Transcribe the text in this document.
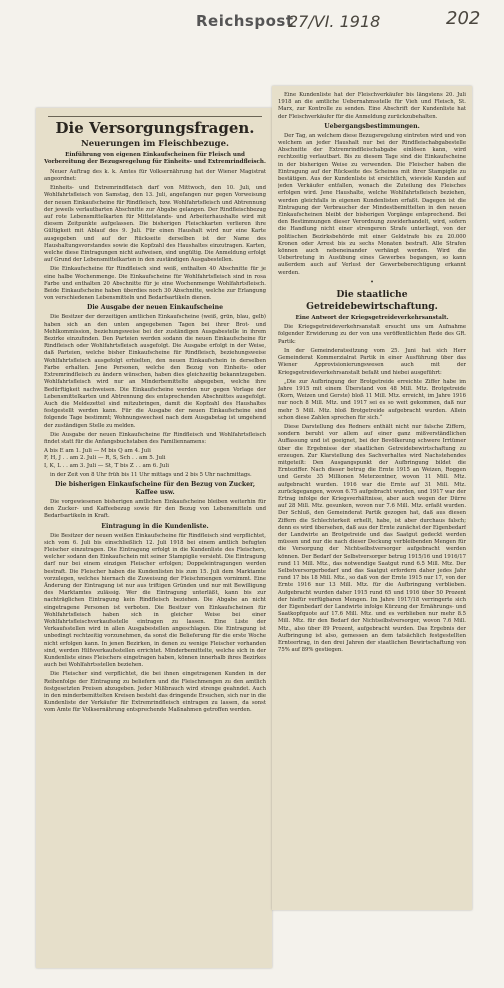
Reichspost
27/VI. 1918	202

Die Versorgungsfragen.

Neuerungen im Fleischbezuge.

Einführung von eigenen Einkaufscheinen für Fleisch und Vorbereitung der Bezugsregelung für Einheits- und Extremrindfleisch.

Neuer Auftrag des k. k. Amtes für Volksernährung hat der Wiener Magistrat angeordnet:

Einheits- und Extremrindfleisch darf von Mittwoch, den 10. Juli, und Wohlfahrtsfleisch von Samstag, den 13. Juli, angefangen nur gegen Vorweisung der neuen Einkaufscheine für Rindfleisch, bzw. Wohlfahrtsfleisch und Abtrennung der jeweils verlautbarten Abschnitte zur Abgabe gelangen. Der Rindfleischbezug auf rote Lebensmittelkarten für Mittelstands- und Arbeiterhaushalte wird mit diesem Zeitpunkte aufgelassen. Die bisherigen Fleischkarten verlieren ihre Gültigkeit mit Ablauf des 9. Juli. Für einen Haushalt wird nur eine Karte ausgegeben und auf der Rückseite derselben ist der Name des Haushaltungsvorstandes sowie die Kopfzahl des Haushaltes einzutragen. Karten, welche diese Eintragungen nicht aufweisen, sind ungültig. Die Anmeldung erfolgt auf Grund der Lebensmittelkarten in den zuständigen Ausgabestellen.

Die Einkaufscheine für Rindfleisch sind weiß, enthalten 40 Abschnitte für je eine halbe Wochenmenge. Die Einkaufscheine für Wohlfahrtsfleisch sind in rosa Farbe und enthalten 20 Abschnitte für je eine Wochenmenge Wohlfahrtsfleisch. Beide Einkaufscheine haben überdies noch 30 Abschnitte, welche zur Erlangung von verschiedenen Lebensmitteln und Bedarfsartikeln dienen.

Die Ausgabe der neuen Einkaufscheine

Die Besitzer der derzeitigen amtlichen Einkaufscheine (weiß, grün, blau, gelb) haben sich an den unten angegebenen Tagen bei ihrer Brot- und Mehlkommission, beziehungsweise bei der zuständigen Ausgabestelle in ihrem Bezirke einzufinden. Den Parteien werden sodann die neuen Einkaufscheine für Rindfleisch oder Wohlfahrtsfleisch ausgefolgt. Die Ausgabe erfolgt in der Weise, daß Parteien, welche bisher Einkaufscheine für Rindfleisch, beziehungsweise Wohlfahrtsfleisch ausgefolgt erhielten, den neuen Einkaufschein in derselben Farbe erhalten. Jene Personen, welche den Bezug von Einheits- oder Extremrindfleisch zu ändern wünschen, haben dies gleichzeitig bekanntzugeben. Wohlfahrtsfleisch wird nur an Minderbemittelte abgegeben, welche ihre Bedürftigkeit nachweisen. Die Einkaufscheine werden nur gegen Vorlage der Lebensmittelkarten und Abtrennung des entsprechenden Abschnittes ausgefolgt. Auch die Meldezettel sind mitzubringen, damit die Kopfzahl des Haushaltes festgestellt werden kann. Für die Ausgabe der neuen Einkaufscheine sind folgende Tage bestimmt; Wohnungswechsel nach dem Ausgabetag ist umgehend der zuständigen Stelle zu melden.

Die Ausgabe der neuen Einkaufscheine für Rindfleisch und Wohlfahrtsfleisch findet statt für die Anfangsbuchstaben des Familiennamens:

A bis E am 1. Juli — M bis Q am 4. Juli
F, H, J . . am 2. Juli — R, S, Sch . . am 5. Juli
I, K, L . . am 3. Juli — St, T bis Z . . am 6. Juli

in der Zeit von 8 Uhr früh bis 11 Uhr mittags und 2 bis 5 Uhr nachmittags.

Die bisherigen Einkaufscheine für den Bezug von Zucker, Kaffee usw.

Die vorgewiesenen bisherigen amtlichen Einkaufscheine bleiben weiterhin für den Zucker- und Kaffeebezug sowie für den Bezug von Lebensmitteln und Bedarfsartikeln in Kraft.

Eintragung in die Kundenliste.

Die Besitzer der neuen weißen Einkaufscheine für Rindfleisch sind verpflichtet, sich vom 6. Juli bis einschließlich 12. Juli 1918 bei einem amtlich befugten Fleischer einzutragen. Die Eintragung erfolgt in die Kundenliste des Fleischers, welcher sodann den Einkaufschein mit seiner Stampiglie versieht. Die Eintragung darf nur bei einem einzigen Fleischer erfolgen; Doppeleintragungen werden bestraft. Die Fleischer haben die Kundenlisten bis zum 15. Juli dem Marktamte vorzulegen, welches hiernach die Zuweisung der Fleischmengen vornimmt. Eine Änderung der Eintragung ist nur aus triftigen Gründen und nur mit Bewilligung des Marktamtes zulässig. Wer die Eintragung unterläßt, kann bis zur nachträglichen Eintragung kein Rindfleisch beziehen. Die Abgabe an nicht eingetragene Personen ist verboten. Die Besitzer von Einkaufscheinen für Wohlfahrtsfleisch haben sich in gleicher Weise bei einer Wohlfahrtsfleischverkaufsstelle eintragen zu lassen. Eine Liste der Verkaufsstellen wird in allen Ausgabestellen angeschlagen. Die Eintragung ist unbedingt rechtzeitig vorzunehmen, da sonst die Belieferung für die erste Woche nicht erfolgen kann. In jenen Bezirken, in denen zu wenige Fleischer vorhanden sind, werden Hilfsverkaufsstellen errichtet. Minderbemittelte, welche sich in der Kundenliste eines Fleischers eingetragen haben, können innerhalb ihres Bezirkes auch bei Wohlfahrtsstellen beziehen.

Die Fleischer sind verpflichtet, die bei ihnen eingetragenen Kunden in der Reihenfolge der Eintragung zu beliefern und die Fleischmengen zu den amtlich festgesetzten Preisen abzugeben. Jeder Mißbrauch wird strenge geahndet. Auch in den minderbemittelten Kreisen besteht das dringende Ersuchen, sich nur in die Kundenliste der Verkäufer für Extremrindfleisch eintragen zu lassen, da sonst vom Amte für Volksernährung entsprechende Maßnahmen getroffen werden.

Eine Kundenliste hat der Fleischverkäufer bis längstens 20. Juli 1918 an die amtliche Uebernahmsstelle für Vieh und Fleisch, St. Marx, zur Kontrolle zu senden. Eine Abschrift der Kundenliste hat der Fleischverkäufer für die Anmeldung zurückzubehalten.

Uebergangsbestimmungen.

Der Tag, an welchem diese Bezugsregelung eintreten wird und von welchem an jeder Haushalt nur bei der Rindfleischabgabestelle Abschnitte der Extremrindfleischabgabe einlösen kann, wird rechtzeitig verlautbart. Bis zu diesem Tage sind die Einkaufscheine in der bisherigen Weise zu verwenden. Die Fleischer haben die Eintragung auf der Rückseite des Scheines mit ihrer Stampiglie zu bestätigen. Aus der Kundenliste ist ersichtlich, wieviele Kunden auf jeden Verkäufer entfallen, wonach die Zuteilung des Fleisches erfolgen wird. Jene Haushalte, welche Wohlfahrtsfleisch beziehen, werden gleichfalls in eigenen Kundenlisten erfaßt. Dagegen ist die Eintragung der Verbraucher der Mindestbemittelten in den neuen Einkaufscheinen bleibt der bisherigen Vorgänge entsprechend. Bei den Bestimmungen dieser Verordnung zuwiderhandelt, wird, sofern die Handlung nicht einer strengeren Strafe unterliegt, von der politischen Bezirksbehörde mit einer Geldstrafe bis zu 20.000 Kronen oder Arrest bis zu sechs Monaten bestraft. Alle Strafen können auch nebeneinander verhängt werden. Wird die Uebertretung in Ausübung eines Gewerbes begangen, so kann außerdem auch auf Verlust der Gewerbeberechtigung erkannt werden.

•

Die staatliche Getreidebewirtschaftung.

Eine Antwort der Kriegsgetreideverkehrsanstalt.

Die Kriegsgetreideverkehrsanstalt ersucht uns um Aufnahme folgender Erwiderung zu der von uns veröffentlichten Rede des GR. Partik:

In der Gemeinderatssitzung vom 25. Juni hat sich Herr Gemeinderat Kommerzialrat Partik in einer Ausführung über das Wiener Approvisionierungswesen auch mit der Kriegsgetreideverkehrsanstalt befaßt und hiebei ausgeführt:

„Die zur Aufbringung der Brotgetreide erreichte Ziffer habe im Jahre 1915 mit einem Überstand von 48 Mill. Mtz. Brotgetreide (Korn, Weizen und Gerste) bloß 11 Mill. Mtz. erreicht, im Jahre 1916 nur noch 8 Mill. Mtz. und 1917 sei es so weit gekommen, daß nur mehr 5 Mill. Mtz. bloß Brotgetreide aufgebracht wurden. Allein schon diese Zahlen sprechen für sich.“

Diese Darstellung des Redners enthält nicht nur falsche Ziffern, sondern beruht vor allem auf einer ganz mißverständlichen Auffassung und ist geeignet, bei der Bevölkerung schwere Irrtümer über die Ergebnisse der staatlichen Getreidebewirtschaftung zu erzeugen. Zur Klarstellung des Sachverhaltes wird Nachstehendes mitgeteilt: Den Ausgangspunkt der Aufbringung bildet die Ernteziffer. Nach dieser betrug die Ernte 1915 an Weizen, Roggen und Gerste 35 Millionen Meterzentner, wovon 11 Mill. Mtz. aufgebracht wurden. 1916 war die Ernte auf 31 Mill. Mtz. zurückgegangen, wovon 6.75 aufgebracht wurden, und 1917 war der Ertrag infolge der Kriegsverhältnisse, aber auch wegen der Dürre auf 28 Mill. Mtz. gesunken, wovon nur 7.6 Mill. Mtz. erfaßt wurden. Der Schluß, den Gemeinderat Partik gezogen hat, daß aus diesen Ziffern die Schlechterkeit erhellt, habe, ist aber durchaus falsch; denn es wird übersehen, daß aus der Ernte zunächst der Eigenbedarf der Landwirte an Brotgetreide und das Saatgut gedeckt werden müssen und nur die nach dieser Deckung verbleibenden Mengen für die Versorgung der Nichtselbstversorger aufgebracht werden können. Der Bedarf der Selbstversorger betrug 1915/16 und 1916/17 rund 11 Mill. Mtz., das notwendige Saatgut rund 6.5 Mill. Mtz. Der Selbstversorgerbedarf und das Saatgut erfordern daher jedes Jahr rund 17 bis 18 Mill. Mtz., so daß von der Ernte 1915 nur 17, von der Ernte 1916 nur 13 Mill. Mtz. für die Aufbringung verblieben. Aufgebracht wurden daher 1915 rund 65 und 1916 über 50 Prozent der hiefür verfügbaren Mengen. Im Jahre 1917/18 verringerte sich der Eigenbedarf der Landwirte infolge Kürzung der Ernährungs- und Saatkopfquote auf 17.6 Mill. Mtz. und es verblieben nur mehr 8.5 Mill. Mtz. für den Bedarf der Nichtselbstversorger, wovon 7.6 Mill. Mtz., also über 89 Prozent, aufgebracht wurden. Das Ergebnis der Aufbringung ist also, gemessen an dem tatsächlich festgestellten Ernteertrag, in den drei Jahren der staatlichen Bewirtschaftung von 75% auf 89% gestiegen.
